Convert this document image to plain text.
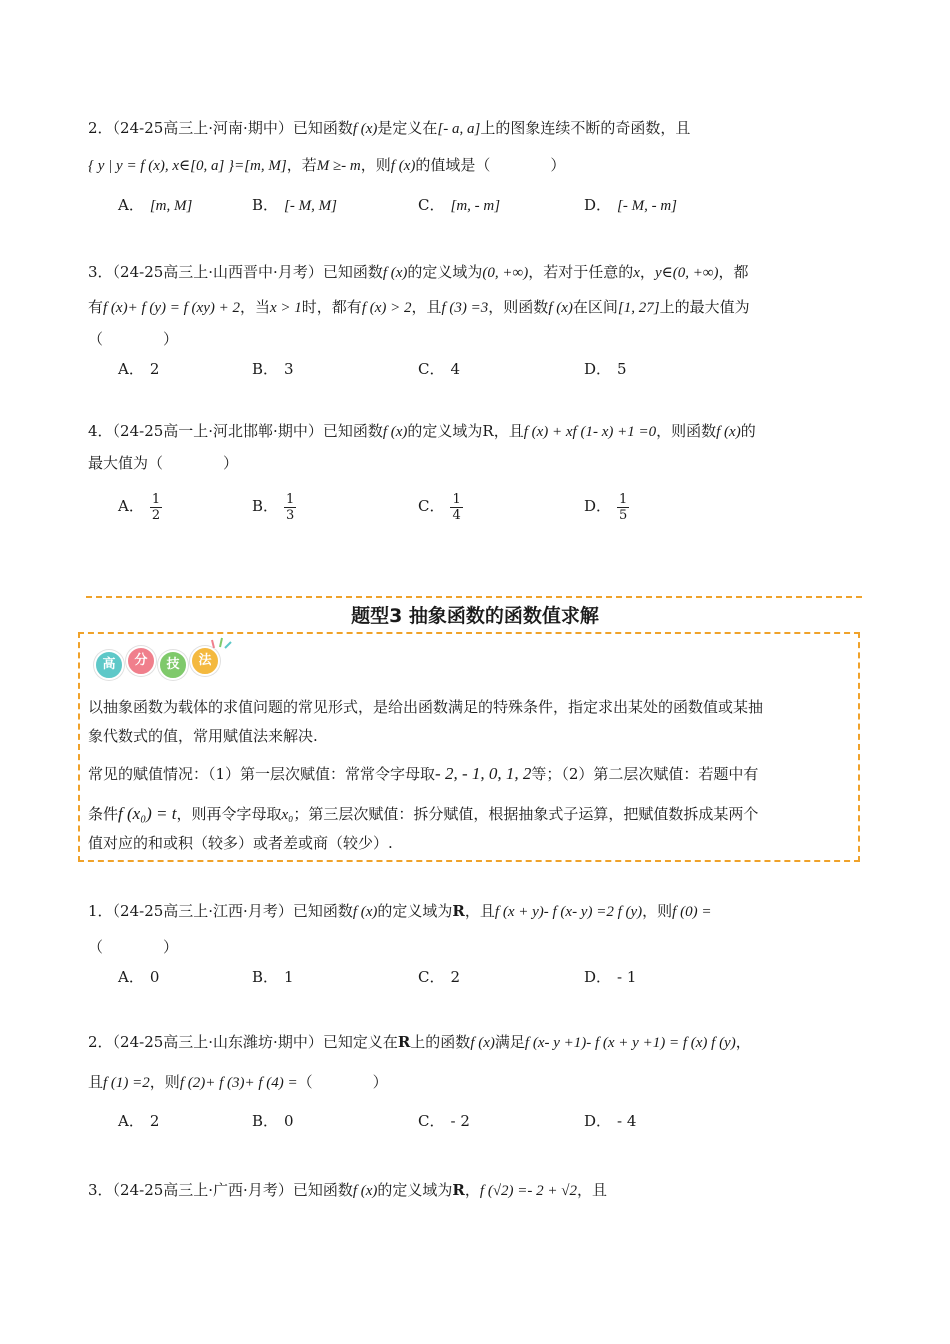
2．（24-25高三上·河南·期中）已知函数f (x)是定义在[- a, a]上的图象连续不断的奇函数，且
{ y | y = f (x), x∈[0, a] }=[m, M]，若M ≥- m，则f (x)的值域是（　　　　）
A． [m, M]	B． [- M, M]	C． [m, - m]	D． [- M, - m]
3．（24-25高三上·山西晋中·月考）已知函数f (x)的定义域为(0, +∞)，若对于任意的x，y∈(0, +∞)，都
有f (x)+ f (y) = f (xy) + 2，当x > 1时，都有f (x) > 2，且f (3) =3，则函数f (x)在区间[1, 27]上的最大值为
（　　　　）
A． 2	B． 3	C． 4	D． 5
4．（24-25高一上·河北邯郸·期中）已知函数f (x)的定义域为R，且f (x) + xf (1- x) +1 =0，则函数f (x)的
最大值为（　　　　）
A． $\frac{1}{2}$	B． $\frac{1}{3}$	C． $\frac{1}{4}$	D． $\frac{1}{5}$
题型3 抽象函数的函数值求解
高	分	技	法
以抽象函数为载体的求值问题的常见形式，是给出函数满足的特殊条件，指定求出某处的函数值或某抽
象代数式的值，常用赋值法来解决.
常见的赋值情况：（1）第一层次赋值：常常令字母取- 2, - 1, 0, 1, 2等；（2）第二层次赋值：若题中有
条件f (x₀) = t，则再令字母取x₀；第三层次赋值：拆分赋值，根据抽象式子运算，把赋值数拆成某两个
值对应的和或积（较多）或者差或商（较少）.
1．（24-25高三上·江西·月考）已知函数f (x)的定义域为R，且f (x + y)- f (x- y) =2 f (y)，则f (0) =
（　　　　）
A． 0	B． 1	C． 2	D． - 1
2．（24-25高三上·山东潍坊·期中）已知定义在R上的函数f (x)满足f (x- y +1)- f (x + y +1) = f (x) f (y)，
且f (1) =2，则f (2)+ f (3)+ f (4) =（　　　　）
A． 2	B． 0	C． - 2	D． - 4
3．（24-25高三上·广西·月考）已知函数f (x)的定义域为R，f (√2) =- 2 + √2，且
